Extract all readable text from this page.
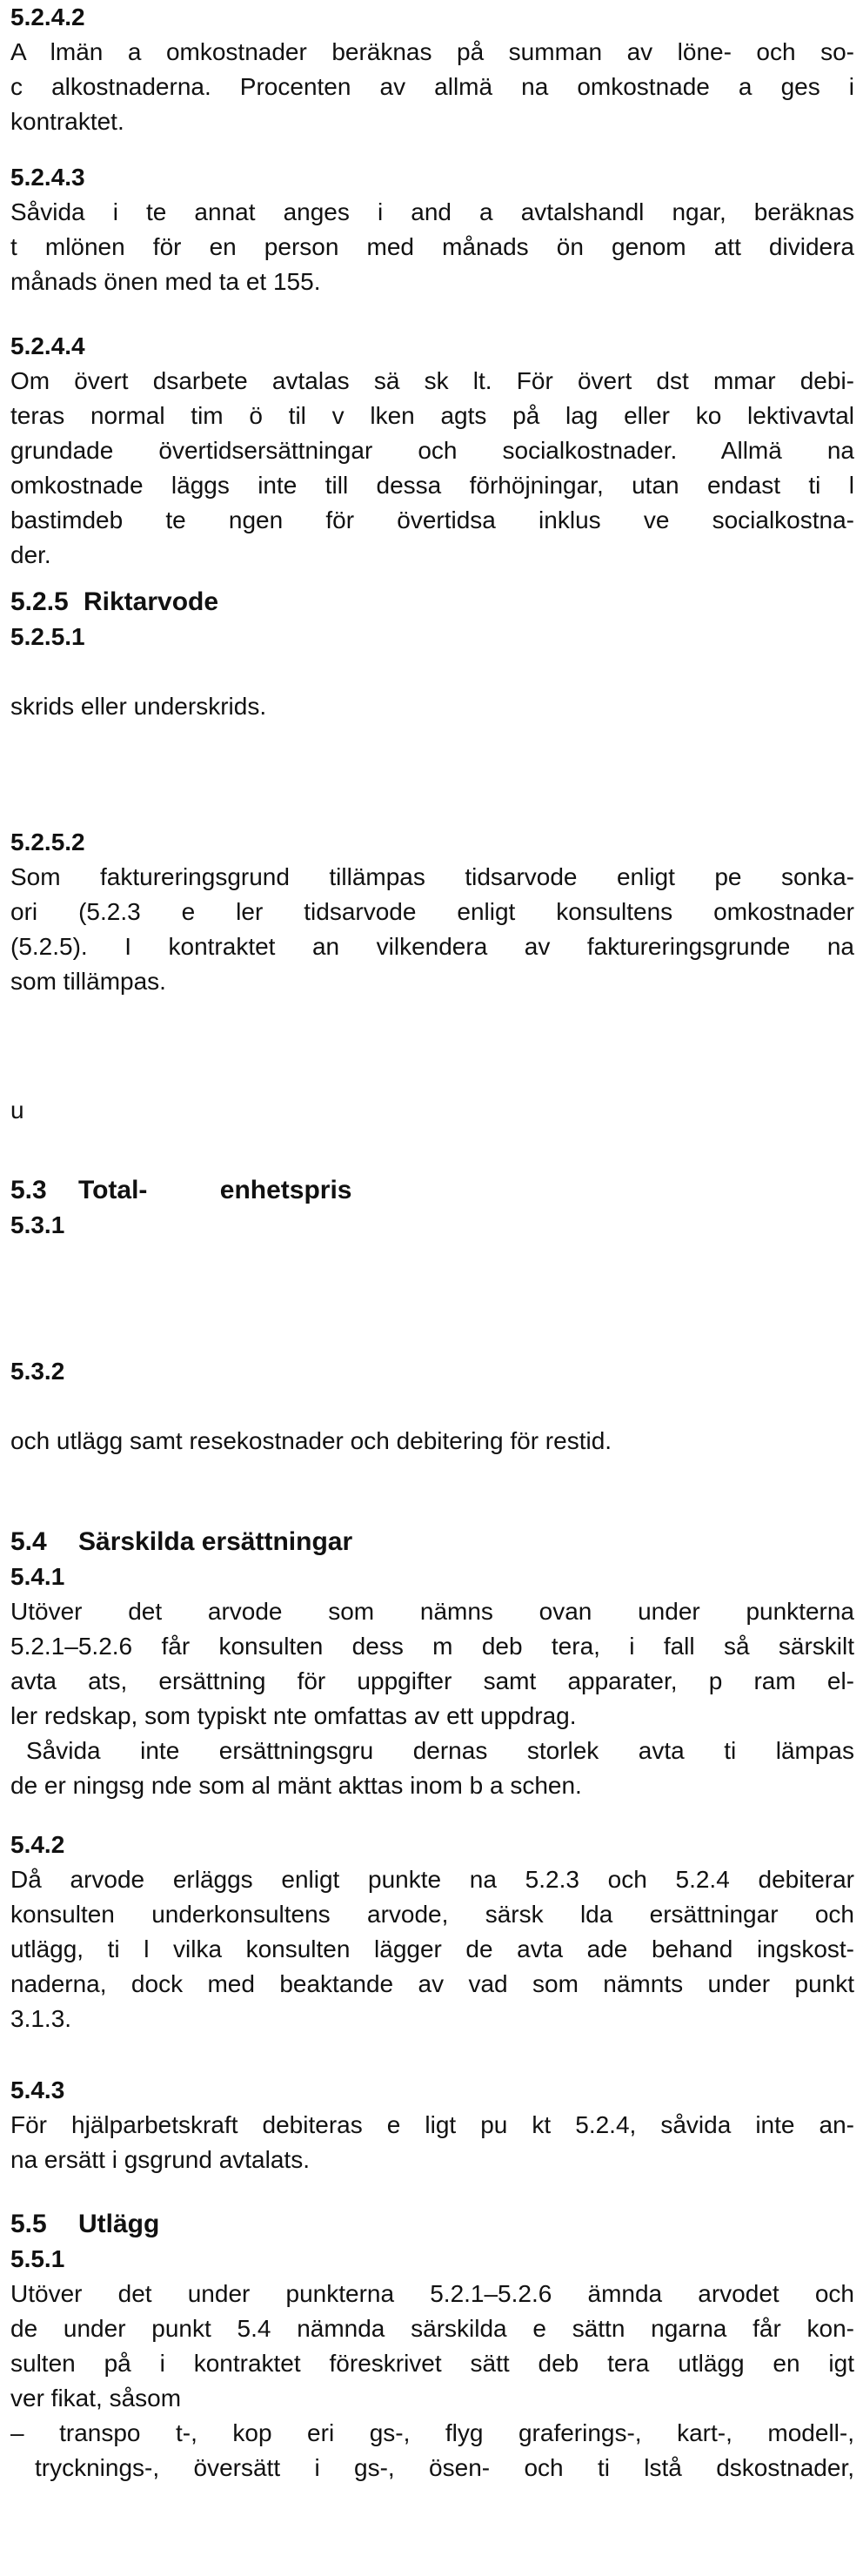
5.2.4.2
A lmän a omkostnader beräknas på summan av löne- och so-
c alkostnaderna. Procenten av allmä na omkostnade a ges i
kontraktet.
5.2.4.3
Såvida i te annat anges i and a avtalshandl ngar, beräknas
t mlönen för en person med månads ön genom att dividera
månads önen med ta et 155.
5.2.4.4
Om övert dsarbete avtalas sä sk lt. För övert dst mmar debi-
teras normal tim ö til v lken agts på lag eller ko lektivavtal
grundade övertidsersättningar och socialkostnader. Allmä na
omkostnade läggs inte till dessa förhöjningar, utan endast ti l
bastimdeb te ngen för övertidsa inklus ve socialkostna-
der.
5.2.5 Riktarvode
5.2.5.1

skrids eller underskrids.
5.2.5.2
Som faktureringsgrund tillämpas tidsarvode enligt pe sonka-
ori (5.2.3 e ler tidsarvode enligt konsultens omkostnader
(5.2.5). I kontraktet an vilkendera av faktureringsgrunde na
som tillämpas.
u
5.3 Total-          enhetspris
5.3.1
5.3.2

och utlägg samt resekostnader och debitering för restid.
5.4 Särskilda ersättningar
5.4.1
Utöver det arvode som nämns ovan under punkterna
5.2.1–5.2.6 får konsulten dess m deb tera, i fall så särskilt
avta ats, ersättning för uppgifter samt apparater, p ram el-
ler redskap, som typiskt nte omfattas av ett uppdrag.
Såvida inte ersättningsgru dernas storlek avta ti lämpas
de er ningsg nde som al mänt akttas inom b a schen.
5.4.2
Då arvode erläggs enligt punkte na 5.2.3 och 5.2.4 debiterar
konsulten underkonsultens arvode, särsk lda ersättningar och
utlägg, ti l vilka konsulten lägger de avta ade behand ingskost-
naderna, dock med beaktande av vad som nämnts under punkt
3.1.3.
5.4.3
För hjälparbetskraft debiteras e ligt pu kt 5.2.4, såvida inte an-
na ersätt i gsgrund avtalats.
5.5 Utlägg
5.5.1
Utöver det under punkterna 5.2.1–5.2.6 ämnda arvodet och
de under punkt 5.4 nämnda särskilda e sättn ngarna får kon-
sulten på i kontraktet föreskrivet sätt deb tera utlägg en igt
ver fikat, såsom
– transpo t-, kop eri gs-, flyg graferings-, kart-, modell-,
trycknings-, översätt i gs-, ösen- och ti lstå dskostnader,
